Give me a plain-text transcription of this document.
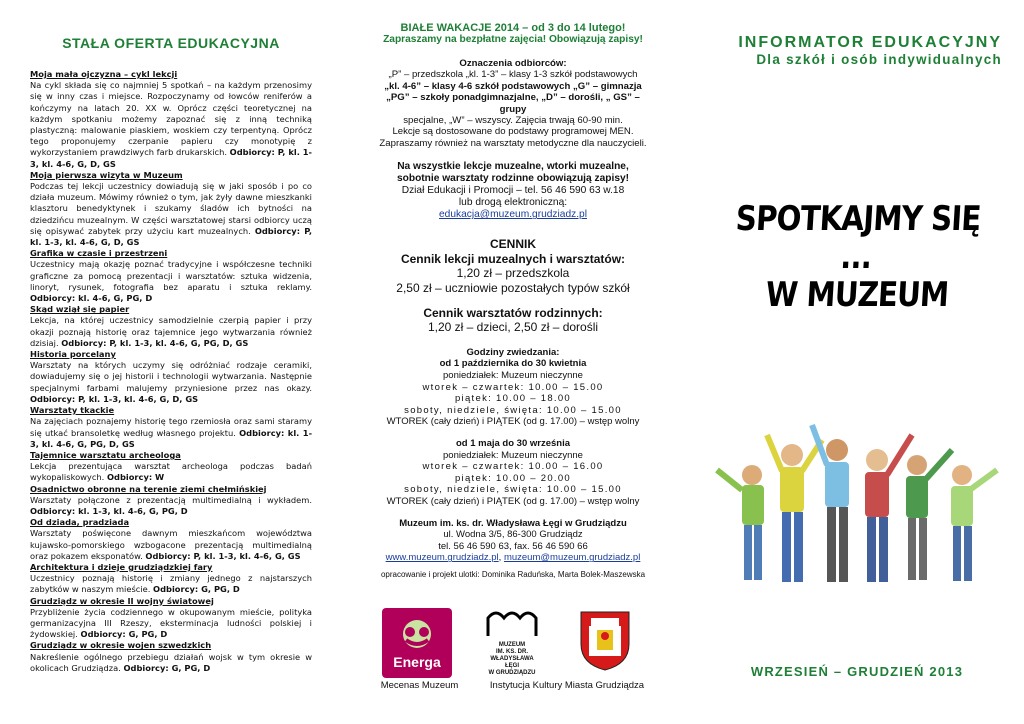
STAŁA OFERTA EDUKACYJNA
Moja mała ojczyzna – cykl lekcji
Na cykl składa się co najmniej 5 spotkań – na każdym przenosimy się w inny czas i miejsce. Rozpoczynamy od łowców reniferów a kończymy na latach 20. XX w. Oprócz części teoretycznej na każdym spotkaniu możemy zapoznać się z inną techniką plastyczną: malowanie piaskiem, woskiem czy terpentyną. Oprócz tego proponujemy czerpanie papieru czy monotypię z wykorzystaniem prawdziwych farb drukarskich. Odbiorcy: P, kl. 1-3, kl. 4-6, G, D, GS
Moja pierwsza wizyta w Muzeum
Podczas tej lekcji uczestnicy dowiadują się w jaki sposób i po co działa muzeum. Mówimy również o tym, jak żyły dawne mieszkanki klasztoru benedyktynek i szukamy śladów ich bytności na dziedzińcu muzealnym. W części warsztatowej starsi odbiorcy uczą się opisywać zabytek przy użyciu kart muzealnych. Odbiorcy: P, kl. 1-3, kl. 4-6, G, D, GS
Grafika w czasie i przestrzeni
Uczestnicy mają okazję poznać tradycyjne i współczesne techniki graficzne za pomocą prezentacji i warsztatów: sztuka widzenia, linoryt, rysunek, fotografia bez aparatu i sztuka reklamy. Odbiorcy: kl. 4-6, G, PG, D
Skąd wziął się papier
Lekcja, na której uczestnicy samodzielnie czerpią papier i przy okazji poznają historię oraz tajemnice jego wytwarzania również dzisiaj. Odbiorcy: P, kl. 1-3, kl. 4-6, G, PG, D, GS
Historia porcelany
Warsztaty na których uczymy się odróżniać rodzaje ceramiki, dowiadujemy się o jej historii i technologii wytwarzania. Następnie specjalnymi farbami malujemy przyniesione przez nas okazy. Odbiorcy: P, kl. 1-3, kl. 4-6, G, D, GS
Warsztaty tkackie
Na zajęciach poznajemy historię tego rzemiosła oraz sami staramy się utkać bransoletkę według własnego projektu. Odbiorcy: kl. 1-3, kl. 4-6, G, PG, D, GS
Tajemnice warsztatu archeologa
Lekcja prezentująca warsztat archeologa podczas badań wykopaliskowych. Odbiorcy: W
Osadnictwo obronne na terenie ziemi chełmińskiej
Warsztaty połączone z prezentacją multimedialną i wykładem. Odbiorcy: kl. 1-3, kl. 4-6, G, PG, D
Od dziada, pradziada
Warsztaty poświęcone dawnym mieszkańcom województwa kujawsko-pomorskiego wzbogacone prezentacją multimedialną oraz pokazem eksponatów. Odbiorcy: P, kl. 1-3, kl. 4-6, G, GS
Architektura i dzieje grudziądzkiej fary
Uczestnicy poznają historię i zmiany jednego z najstarszych zabytków w naszym mieście. Odbiorcy: G, PG, D
Grudziądz w okresie II wojny światowej
Przybliżenie życia codziennego w okupowanym mieście, polityka germanizacyjna III Rzeszy, eksterminacja ludności polskiej i żydowskiej. Odbiorcy: G, PG, D
Grudziądz w okresie wojen szwedzkich
Nakreślenie ogólnego przebiegu działań wojsk w tym okresie w okolicach Grudziądza. Odbiorcy: G, PG, D
BIAŁE WAKACJE 2014 – od 3 do 14 lutego!
Zapraszamy na bezpłatne zajęcia! Obowiązują zapisy!
Oznaczenia odbiorców:
„P” – przedszkola „kl. 1-3” – klasy 1-3 szkół podstawowych
„kl. 4-6” – klasy 4-6 szkół podstawowych „G” – gimnazja
„PG” – szkoły ponadgimnazjalne, „D” – dorośli, „ GS” – grupy
specjalne, „W” – wszyscy. Zajęcia trwają 60-90 min.
Lekcje są dostosowane do podstawy programowej MEN.
Zapraszamy również na warsztaty metodyczne dla nauczycieli.
Na wszystkie lekcje muzealne, wtorki muzealne,
sobotnie warsztaty rodzinne obowiązują zapisy!
Dział Edukacji i Promocji – tel. 56 46 590 63 w.18
lub drogą elektroniczną:
edukacja@muzeum.grudziadz.pl
CENNIK
Cennik lekcji muzealnych i warsztatów:
1,20 zł – przedszkola
2,50 zł – uczniowie pozostałych typów szkół
Cennik warsztatów rodzinnych:
1,20 zł – dzieci, 2,50 zł – dorośli
Godziny zwiedzania:
od 1 października do 30 kwietnia
poniedziałek: Muzeum nieczynne
wtorek – czwartek: 10.00 – 15.00
piątek: 10.00 – 18.00
soboty, niedziele, święta: 10.00 – 15.00
WTOREK (cały dzień) i PIĄTEK (od g. 17.00) – wstęp wolny
od 1 maja do 30 września
poniedziałek: Muzeum nieczynne
wtorek – czwartek: 10.00 – 16.00
piątek: 10.00 – 20.00
soboty, niedziele, święta: 10.00 – 15.00
WTOREK (cały dzień) i PIĄTEK (od g. 17.00) – wstęp wolny
Muzeum im. ks. dr. Władysława Łęgi w Grudziądzu
ul. Wodna 3/5, 86-300 Grudziądz
tel. 56 46 590 63, fax. 56 46 590 66
www.muzeum.grudziadz.pl, muzeum@muzeum.grudziadz.pl
opracowanie i projekt ulotki: Dominika Raduńska, Marta Bolek-Maszewska
Energa
Mecenas Muzeum
MUZEUM
IM. KS. DR.
WŁADYSŁAWA
ŁĘGI
W GRUDZIĄDZU
Instytucja Kultury Miasta Grudziądza
INFORMATOR EDUKACYJNY
Dla szkół i osób indywidualnych
SPOTKAJMY SIĘ ...
W MUZEUM
WRZESIEŃ – GRUDZIEŃ 2013
